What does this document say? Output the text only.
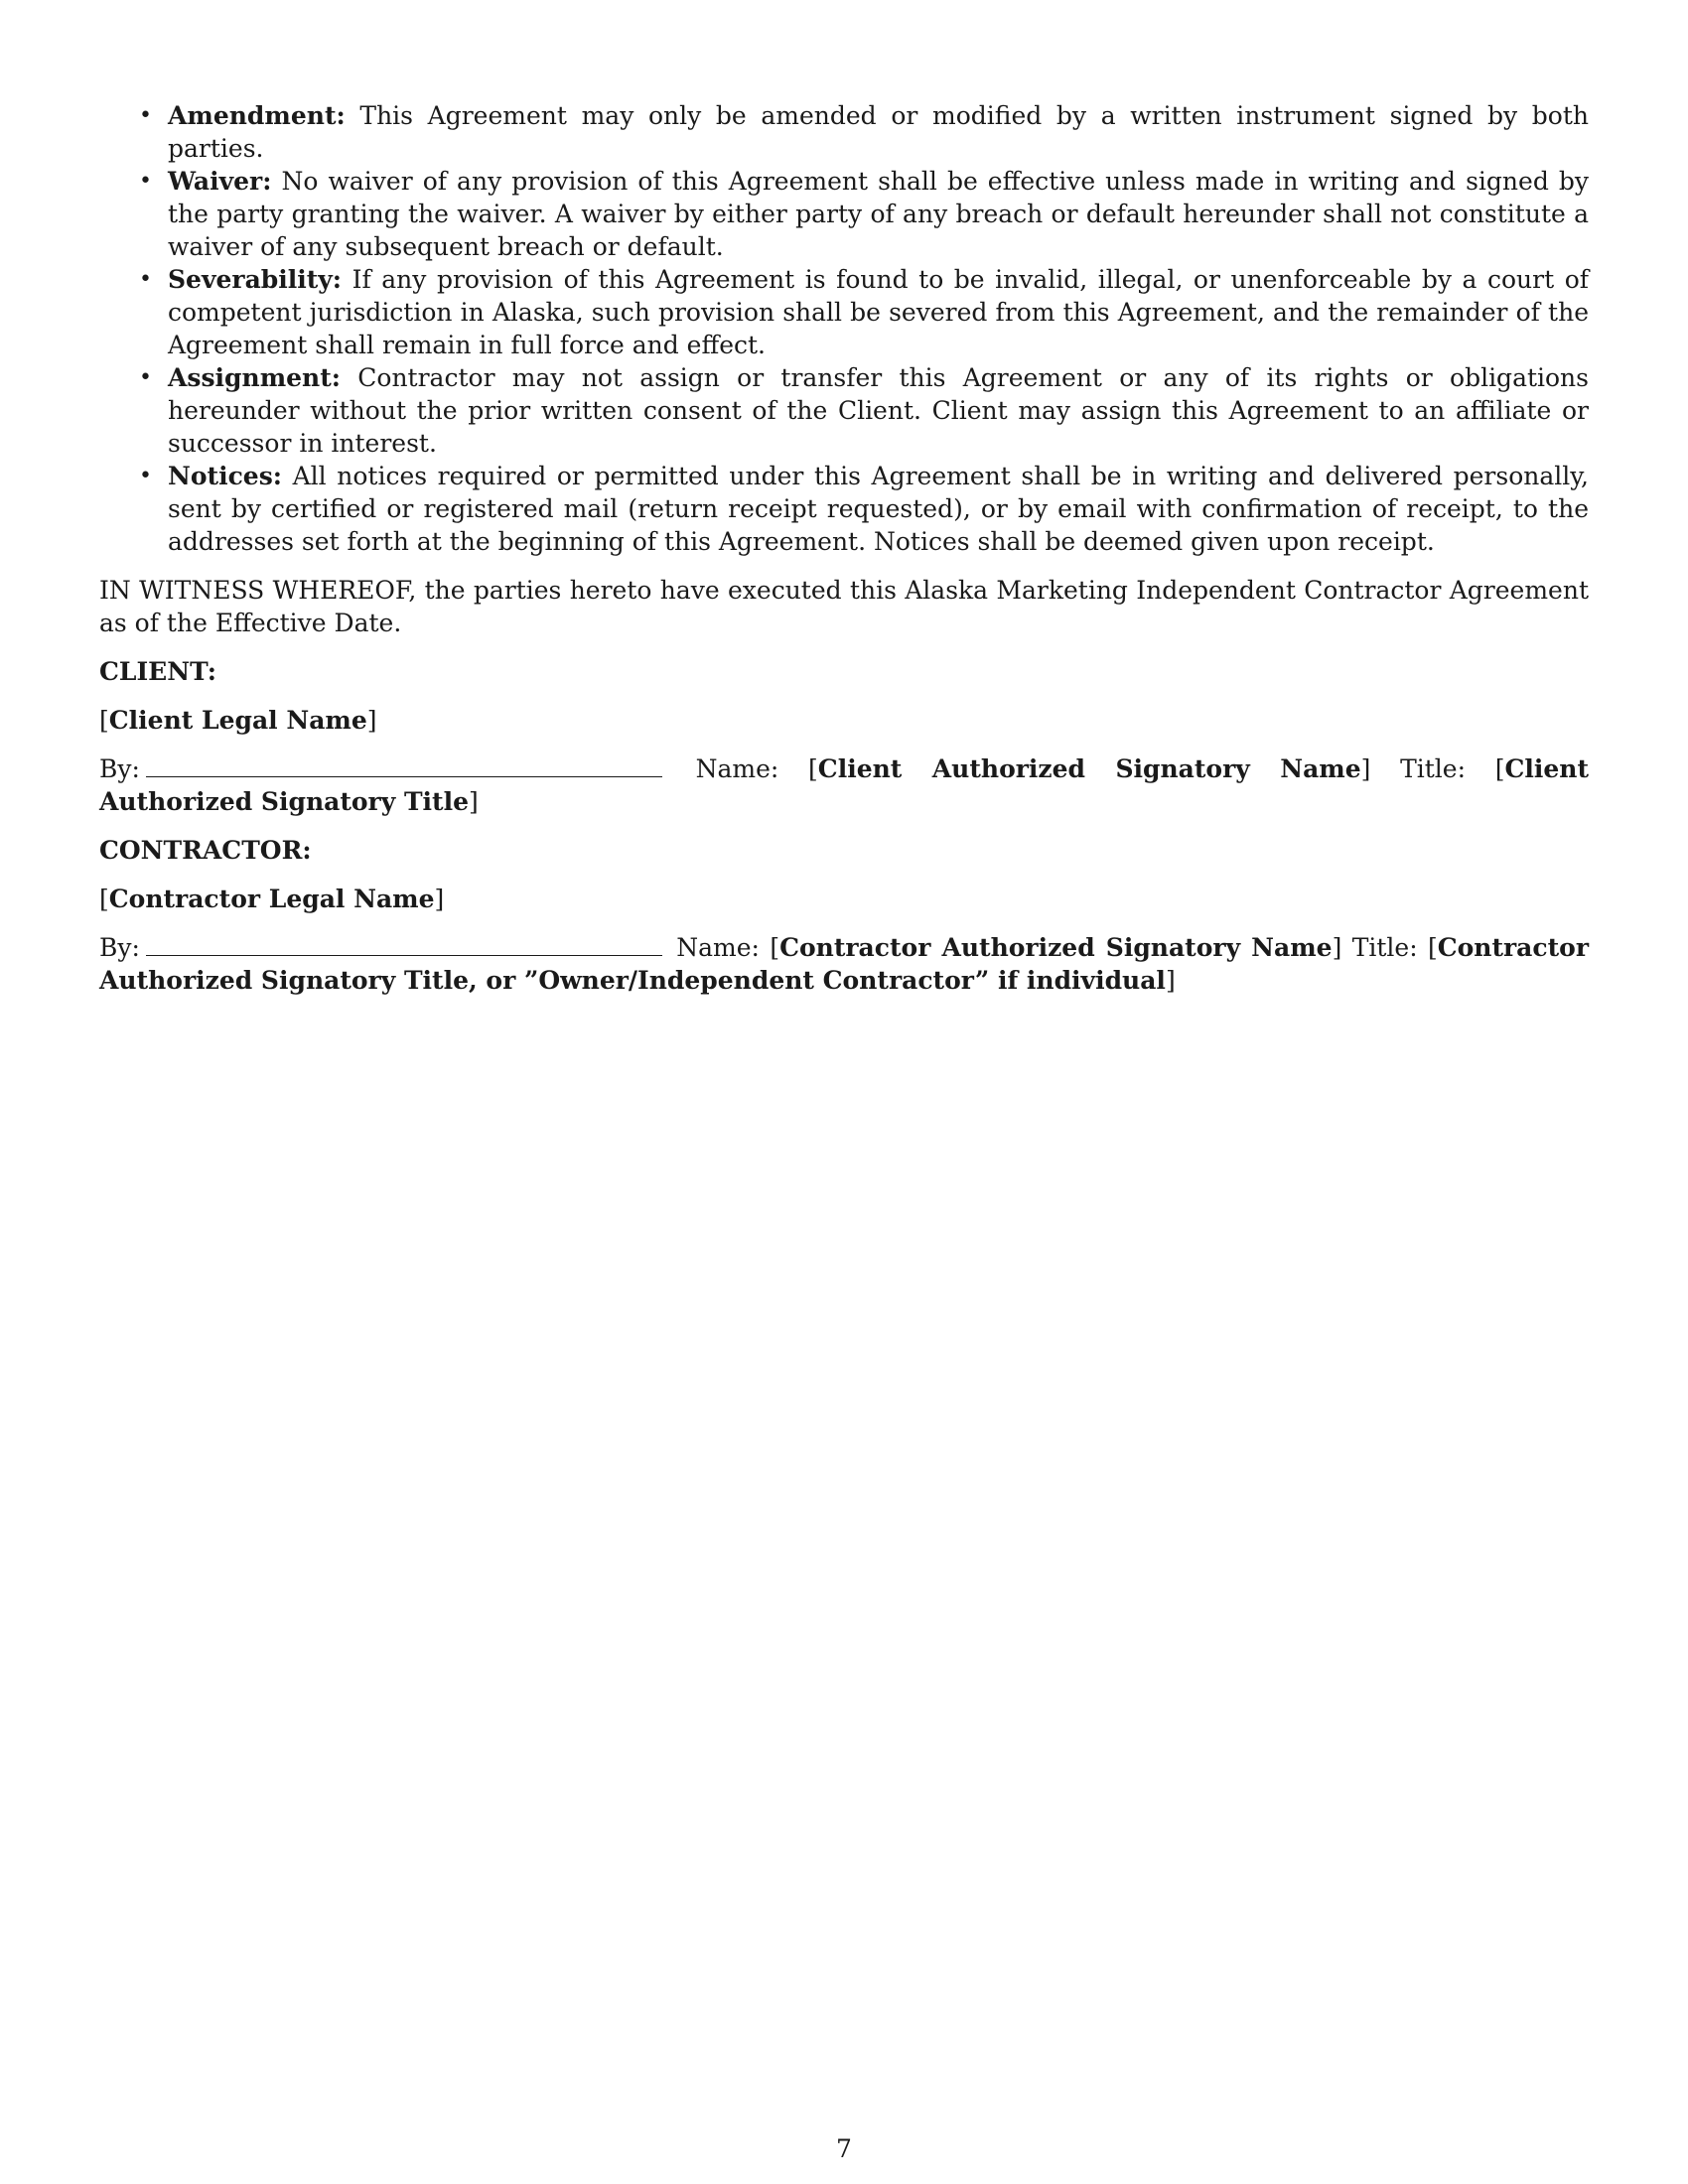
• Amendment: This Agreement may only be amended or modified by a written instrument signed by both parties.
• Waiver: No waiver of any provision of this Agreement shall be effective unless made in writing and signed by the party granting the waiver. A waiver by either party of any breach or default hereunder shall not constitute a waiver of any subsequent breach or default.
• Severability: If any provision of this Agreement is found to be invalid, illegal, or unenforceable by a court of competent jurisdiction in Alaska, such provision shall be severed from this Agreement, and the remainder of the Agreement shall remain in full force and effect.
• Assignment: Contractor may not assign or transfer this Agreement or any of its rights or obligations hereunder without the prior written consent of the Client. Client may assign this Agreement to an affiliate or successor in interest.
• Notices: All notices required or permitted under this Agreement shall be in writing and delivered personally, sent by certified or registered mail (return receipt requested), or by email with confirmation of receipt, to the addresses set forth at the beginning of this Agreement. Notices shall be deemed given upon receipt.

IN WITNESS WHEREOF, the parties hereto have executed this Alaska Marketing Independent Contractor Agreement as of the Effective Date.

CLIENT:

[Client Legal Name]

By:	Name: [Client Authorized Signatory Name] Title: [Client Authorized Signatory Title]

CONTRACTOR:

[Contractor Legal Name]

By:	Name: [Contractor Authorized Signatory Name] Title: [Contractor Authorized Signatory Title, or ”Owner/Independent Contractor” if individual]

7
